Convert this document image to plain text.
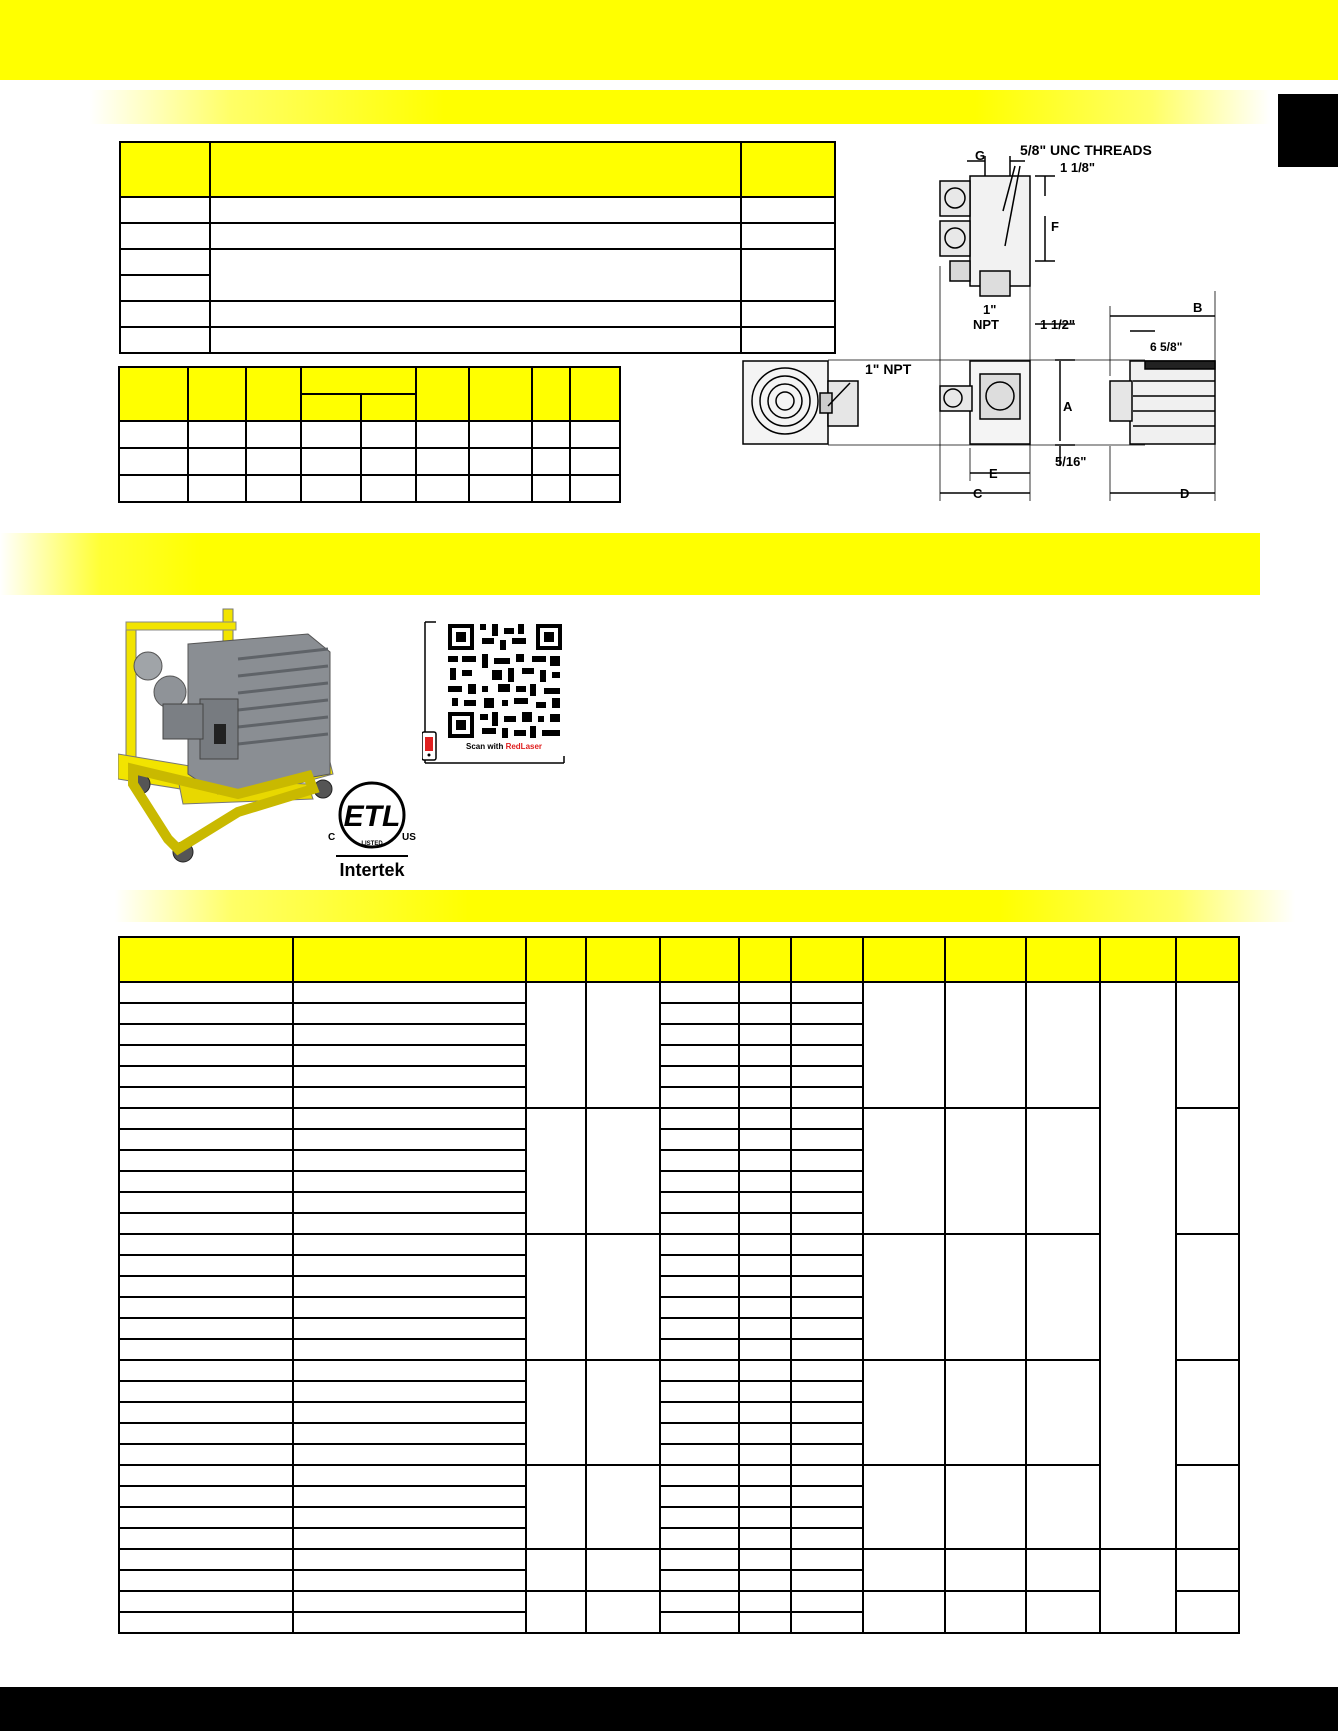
G 5/8" UNC THREADS
1 1/8"
F
1"
NPT	1 1/2"
B
6 5/8"
1" NPT
A
5/16"
E
C	D
ETL
C	US
LISTED
Intertek
Scan with RedLaser
